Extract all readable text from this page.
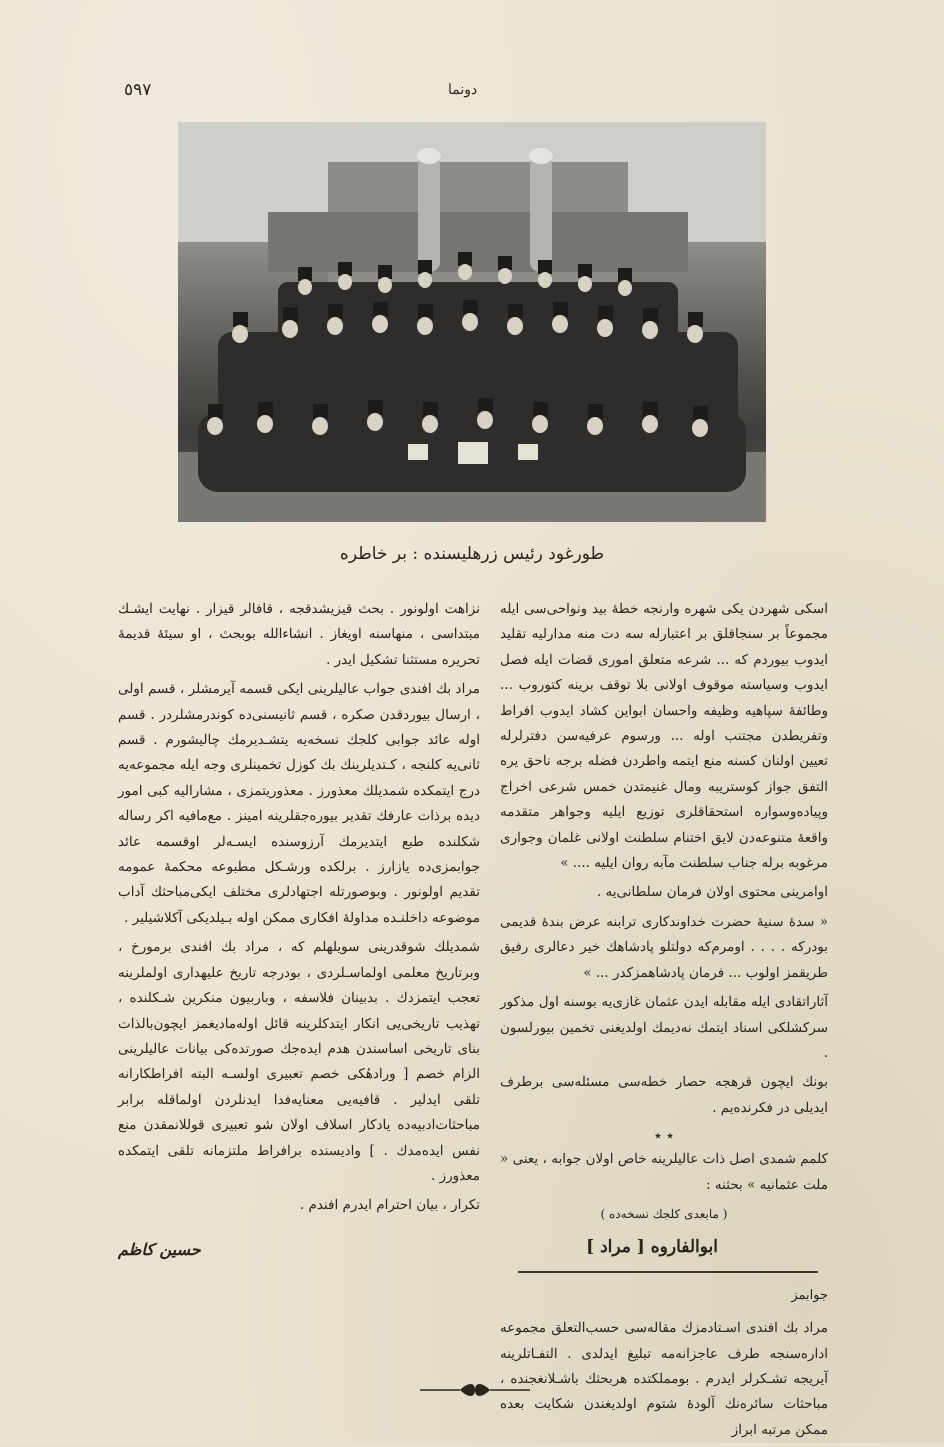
٥٩٧	دونما
طورغود رئیس زرهلیسنده : بر خاطره

اسکی شهردن یکی شهره وارنجه خطهٔ بید ونواحی‌سی ایله مجموعاً بر سنجاقلق بر اعتبارله سه دت منه مدارلیه تقلید ایدوب بیوردم که ... شرعه متعلق اموری قضات ایله فصل ایدوب وسیاسته موقوف اولانی بلا توقف برینه کتوروب ... وطائفهٔ سپاهیه وظیفه واحسان ابواین کشاد ایدوب افراط وتفریطدن مجتنب اوله ... ورسوم عرفیه‌سن دفترلرله تعیین اولنان کسنه منع ایتمه واطردن فضله برجه ناحق یره التفق جواز کوستریبه ومال غنیمتدن خمس شرعی اخراج وپیاده‌وسواره استحقاقلری توزیع ایلیه وجواهر متقدمه واقعهٔ متنوعه‌دن لایق اختنام سلطنت اولانی غلمان وجواری مرغوبه برله جناب سلطنت مآبه روان ایلیه .... »

اوامرینی محتوی اولان فرمان سلطانی‌یه .

« سدهٔ سنیهٔ حضرت خداوندکاری ترابنه عرض بندهٔ قدیمی بودرکه . . . . اومرم‌که دولتلو پادشاهك خیر دعالری رفیق طریقمز اولوب ... فرمان پادشاهمزکدر ... »

آثاراتقادی ایله مقابله ایدن عثمان غازی‌یه بوسنه اول مذکور سرکشلکی اسناد ایتمك نه‌دیمك اولدیغنی تخمین بیورلسون .

بونك ایچون قرهجه حصار خطه‌سی مسئله‌سی برطرف ایدیلی در فکرنده‌یم .

٭ ٭

کلمم شمدی اصل ذات عالیلرینه خاص اولان جوابه ، یعنی « ملت عثمانیه » بحثنه :

( مابعدی کلجك نسخه‌ده )
ابوالفاروه [ مراد ]
جوابمز

مراد بك افندی اسـتادمزك مقاله‌سی حسب‌التعلق مجموعه اداره‌سنجه طرف عاجزانه‌مه تبلیغ ایدلدی . التفـاتلرینه آیریجه تشـکرلر ایدرم . بومملکتده هربحثك باشـلانغجنده ، مباحثات سائره‌نك آلودهٔ شتوم اولدیغندن شکایت بعده ممکن مرتبه ابراز

نزاهت اولونور . بحث قیزیشدقجه ، قافالر قیزار . نهایت ایشـك مبتداسی ، منهاسنه اویغاز . انشاءالله بوبحث ، او سیئهٔ قدیمهٔ تحریره مستثنا تشکیل ایدر .

مراد بك افندی جواب عالیلرینی ایکی قسمه آیرمشلر ، قسم اولی ، ارسال بیوردقدن صکره ، قسم ثانیسنی‌ده کوندرمشلردر . قسم اوله عائد جوابی کلجك نسخه‌یه یتشـدیرمك چالیشورم . قسم ثانی‌یه کلنجه ، کـتدیلرینك بك کوزل تخمینلری وجه ایله مجموعه‌یه درج ایتمکده شمدیلك معذورز . معذوریتمزی ، مشارالیه کبی امور دیده برذات عارفك تقدیر بیوره‌جقلرینه امینز . مع‌مافیه اکر رساله شکلنده طبع ایتدیرمك آرزوسنده ایسـه‌لر اوقسمه عائد جوابمزی‌ده یازارز . برلکده ورشـکل مطبوعه محکمهٔ عمومه تقدیم اولونور . وبوصورتله اجتهادلری مختلف ایکی‌مباحثك آداب موضوعه داخلنـده مداولهٔ افکاری ممکن اوله بـیلدیکی آکلاشیلیر .

شمدیلك شوقدرینی سویلهلم که ، مراد بك افندی برمورخ ، وبرتاریخ معلمی اولماسـلردی ، بودرجه تاریخ علیهداری اولملرینه تعجب ایتمزدك . بدبینان فلاسفه ، وباربیون منکرین شـکلنده ، تهذیب تاریخی‌یی انکار ایتدکلرینه قائل اوله‌مادیغمز ایچون‌بالذات بنای تاریخی اساسندن هدم ایده‌جك صورتده‌کی بیانات عالیلرینی الزام خصم [ ورادهٔکی خصم تعبیری اولسـه البته افراطکارانه تلقی ایدلیر . قافیه‌یی معنایه‌فدا ایدنلردن اولماقله برابر مباحثات‌ادبیه‌ده یادکار اسلاف اولان شو تعبیری قوللانمقدن منع نفس ایده‌مدك . ] وادیسنده برافراط ملتزمانه تلقی ایتمکده معذورز .

تکرار ، بیان احترام ایدرم افندم .

حسین کاظم
